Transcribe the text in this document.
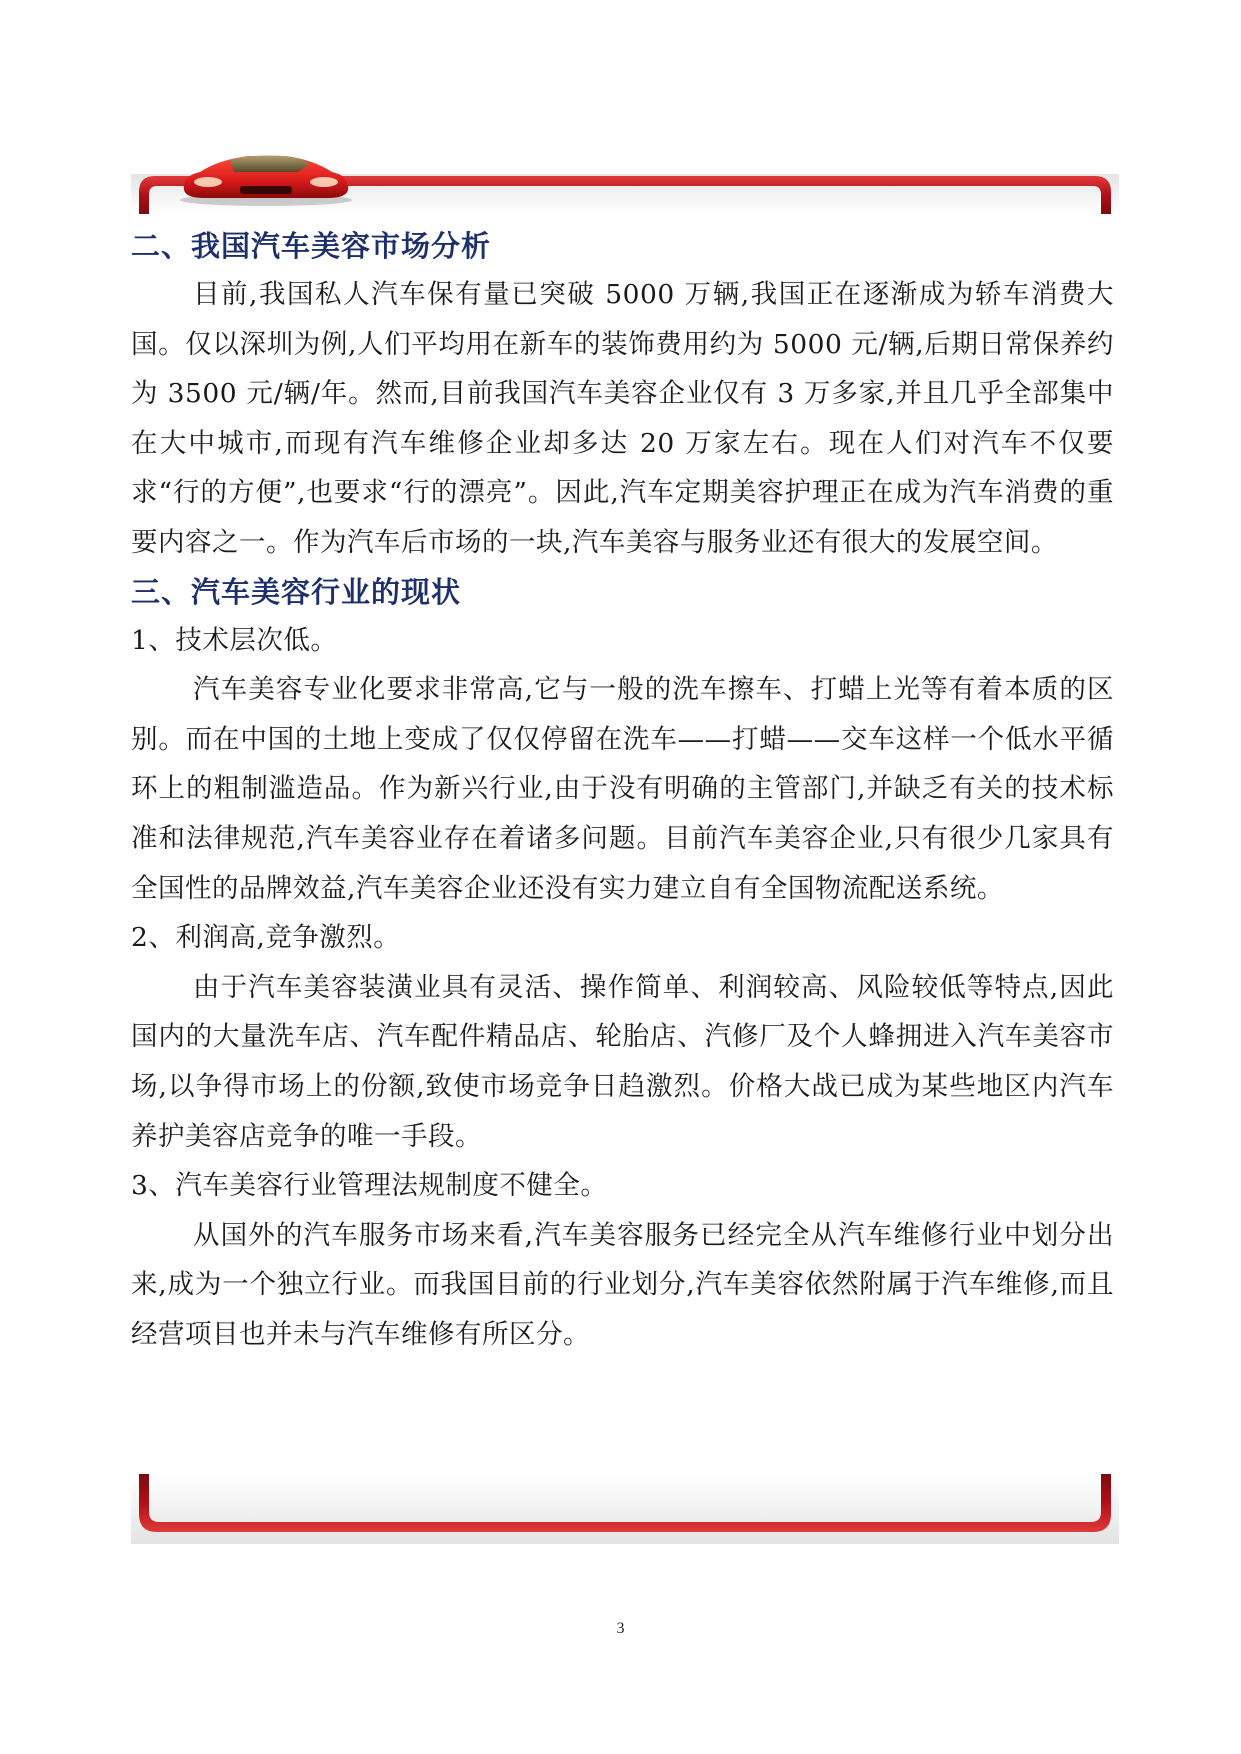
二、我国汽车美容市场分析

目前,我国私人汽车保有量已突破 5000 万辆,我国正在逐渐成为轿车消费大国。仅以深圳为例,人们平均用在新车的装饰费用约为 5000 元/辆,后期日常保养约为 3500 元/辆/年。然而,目前我国汽车美容企业仅有 3 万多家,并且几乎全部集中在大中城市,而现有汽车维修企业却多达 20 万家左右。现在人们对汽车不仅要求“行的方便”,也要求“行的漂亮”。因此,汽车定期美容护理正在成为汽车消费的重要内容之一。作为汽车后市场的一块,汽车美容与服务业还有很大的发展空间。

三、汽车美容行业的现状

1、技术层次低。

汽车美容专业化要求非常高,它与一般的洗车擦车、打蜡上光等有着本质的区别。而在中国的土地上变成了仅仅停留在洗车——打蜡——交车这样一个低水平循环上的粗制滥造品。作为新兴行业,由于没有明确的主管部门,并缺乏有关的技术标准和法律规范,汽车美容业存在着诸多问题。目前汽车美容企业,只有很少几家具有全国性的品牌效益,汽车美容企业还没有实力建立自有全国物流配送系统。

2、利润高,竞争激烈。

由于汽车美容装潢业具有灵活、操作简单、利润较高、风险较低等特点,因此国内的大量洗车店、汽车配件精品店、轮胎店、汽修厂及个人蜂拥进入汽车美容市场,以争得市场上的份额,致使市场竞争日趋激烈。价格大战已成为某些地区内汽车养护美容店竞争的唯一手段。

3、汽车美容行业管理法规制度不健全。

从国外的汽车服务市场来看,汽车美容服务已经完全从汽车维修行业中划分出来,成为一个独立行业。而我国目前的行业划分,汽车美容依然附属于汽车维修,而且经营项目也并未与汽车维修有所区分。

3
